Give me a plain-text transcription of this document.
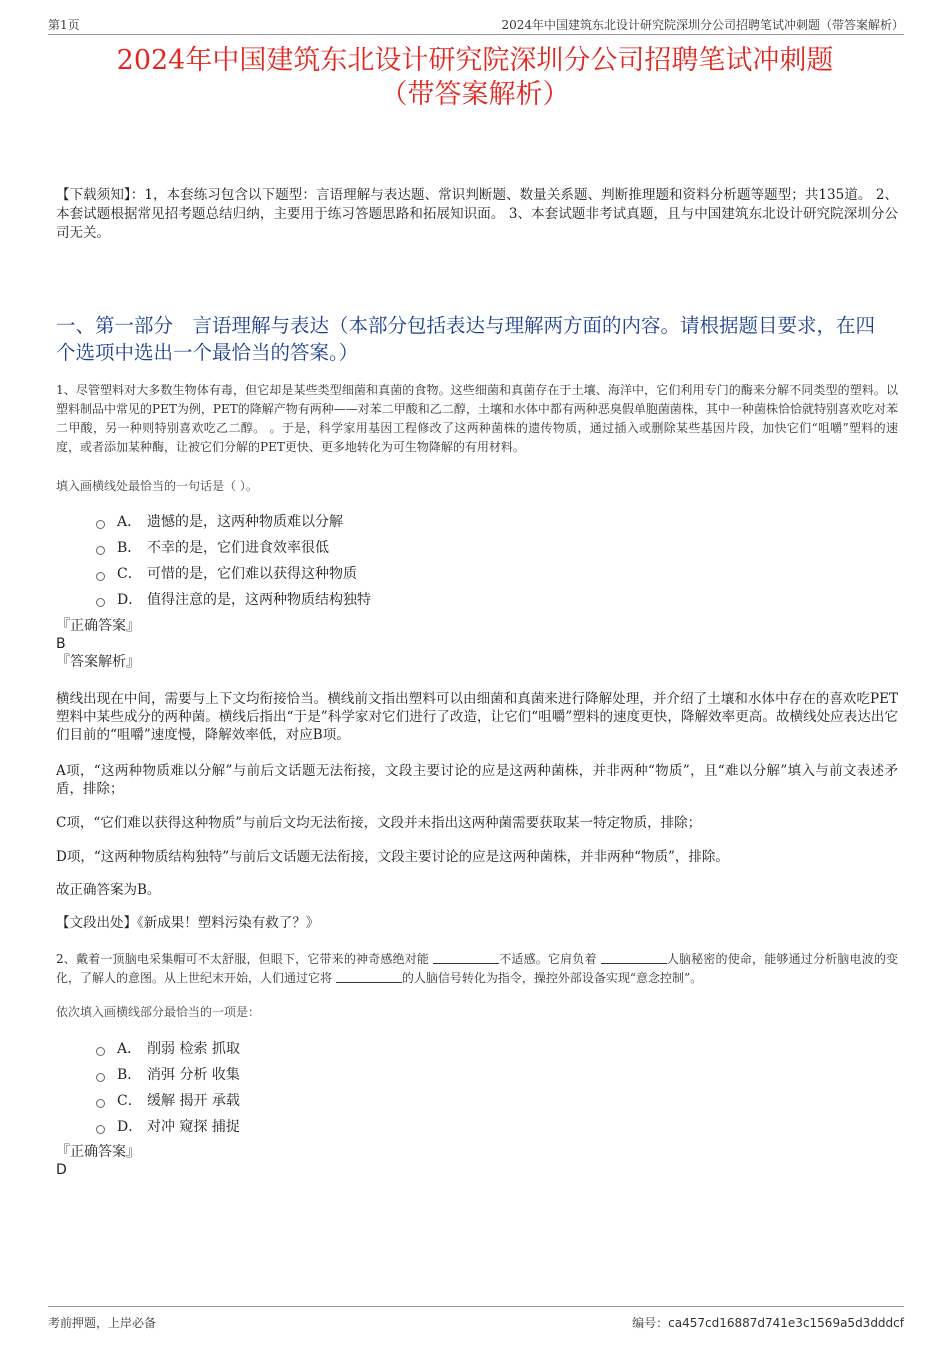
第1页	2024年中国建筑东北设计研究院深圳分公司招聘笔试冲刺题（带答案解析）
2024年中国建筑东北设计研究院深圳分公司招聘笔试冲刺题
（带答案解析）
【下载须知】：1，本套练习包含以下题型：言语理解与表达题、常识判断题、数量关系题、判断推理题和资料分析题等题型；共135道。 2、本套试题根据常见招考题总结归纳，主要用于练习答题思路和拓展知识面。 3、本套试题非考试真题，且与中国建筑东北设计研究院深圳分公司无关。
一、第一部分　言语理解与表达（本部分包括表达与理解两方面的内容。请根据题目要求，在四个选项中选出一个最恰当的答案。）

1、尽管塑料对大多数生物体有毒，但它却是某些类型细菌和真菌的食物。这些细菌和真菌存在于土壤、海洋中，它们利用专门的酶来分解不同类型的塑料。以塑料制品中常见的PET为例，PET的降解产物有两种——对苯二甲酸和乙二醇，土壤和水体中都有两种恶臭假单胞菌菌株，其中一种菌株恰恰就特别喜欢吃对苯二甲酸，另一种则特别喜欢吃乙二醇。 。于是，科学家用基因工程修改了这两种菌株的遗传物质，通过插入或删除某些基因片段，加快它们“咀嚼”塑料的速度，或者添加某种酶，让被它们分解的PET更快、更多地转化为可生物降解的有用材料。

填入画横线处最恰当的一句话是（ ）。

A． 遗憾的是，这两种物质难以分解
B． 不幸的是，它们进食效率很低
C． 可惜的是，它们难以获得这种物质
D． 值得注意的是，这两种物质结构独特
『正确答案』
B
『答案解析』

横线出现在中间，需要与上下文均衔接恰当。横线前文指出塑料可以由细菌和真菌来进行降解处理，并介绍了土壤和水体中存在的喜欢吃PET塑料中某些成分的两种菌。横线后指出“于是”科学家对它们进行了改造，让它们“咀嚼”塑料的速度更快，降解效率更高。故横线处应表达出它们目前的“咀嚼”速度慢，降解效率低，对应B项。

A项，“这两种物质难以分解”与前后文话题无法衔接，文段主要讨论的应是这两种菌株，并非两种“物质”，且“难以分解”填入与前文表述矛盾，排除；

C项，“它们难以获得这种物质”与前后文均无法衔接，文段并未指出这两种菌需要获取某一特定物质，排除；

D项，“这两种物质结构独特”与前后文话题无法衔接，文段主要讨论的应是这两种菌株，并非两种“物质”，排除。

故正确答案为B。

【文段出处】《新成果！塑料污染有救了？》

2、戴着一顶脑电采集帽可不太舒服，但眼下，它带来的神奇感绝对能	不适感。它肩负着	人脑秘密的使命，能够通过分析脑电波的变化，了解人的意图。从上世纪末开始，人们通过它将	的人脑信号转化为指令，操控外部设备实现“意念控制”。

依次填入画横线部分最恰当的一项是：

A． 削弱 检索 抓取
B． 消弭 分析 收集
C． 缓解 揭开 承载
D． 对冲 窥探 捕捉
『正确答案』
D
考前押题，上岸必备	编号：ca457cd16887d741e3c1569a5d3dddcf
